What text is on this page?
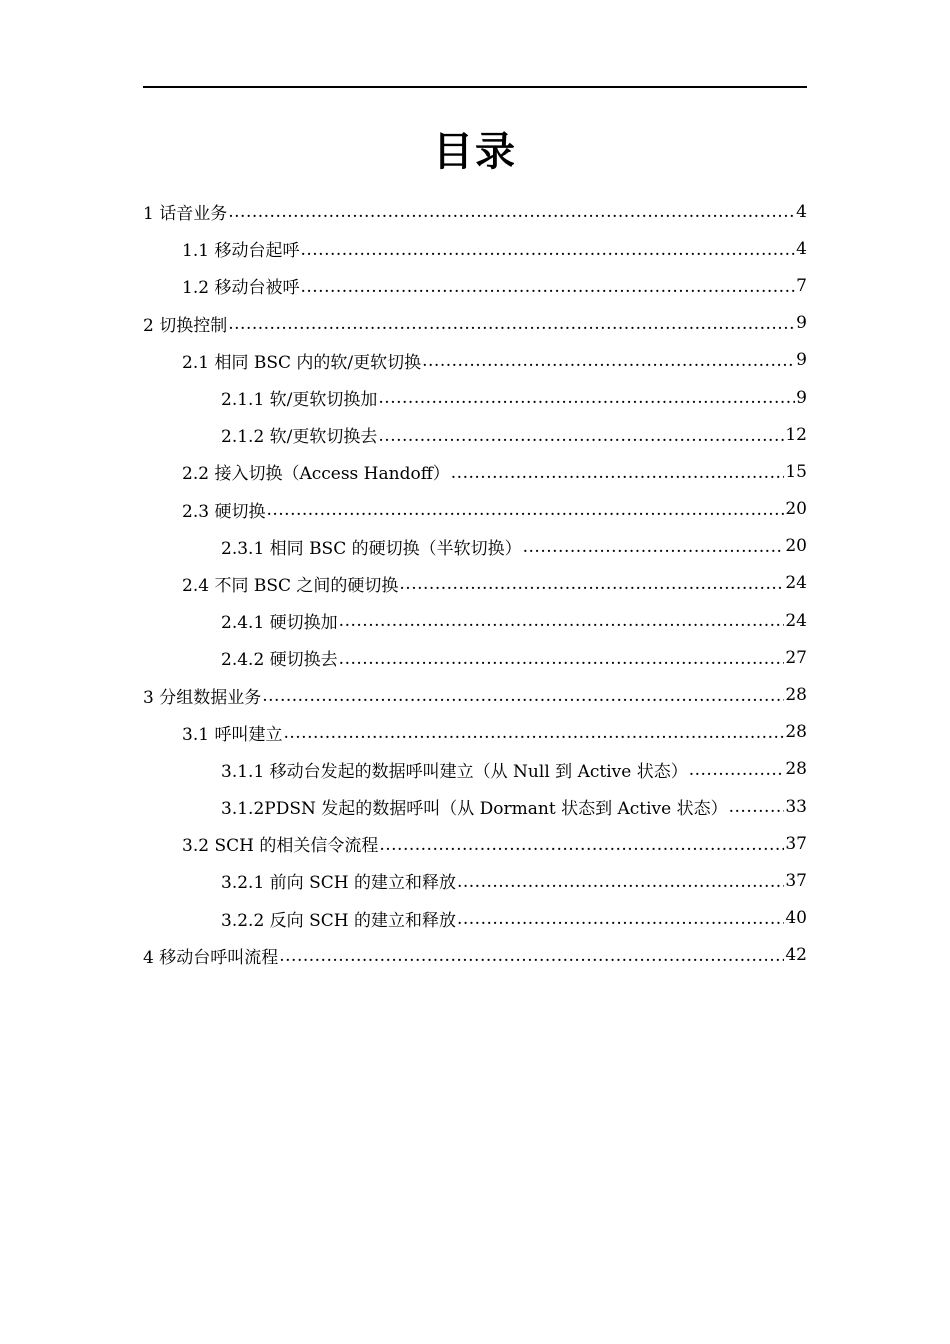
目录
1 话音业务 .....	4
1.1 移动台起呼 .....	4
1.2 移动台被呼 .....	7
2 切换控制 .....	9
2.1 相同 BSC 内的软/更软切换 .....	9
2.1.1 软/更软切换加 .....	9
2.1.2 软/更软切换去 .....	12
2.2 接入切换（Access Handoff） .....	15
2.3 硬切换 .....	20
2.3.1 相同 BSC 的硬切换（半软切换） .....	20
2.4 不同 BSC 之间的硬切换 .....	24
2.4.1 硬切换加 .....	24
2.4.2 硬切换去 .....	27
3 分组数据业务 .....	28
3.1 呼叫建立 .....	28
3.1.1 移动台发起的数据呼叫建立（从 Null 到 Active 状态） .....	28
3.1.2PDSN 发起的数据呼叫（从 Dormant 状态到 Active 状态） .....	33
3.2 SCH 的相关信令流程 .....	37
3.2.1 前向 SCH 的建立和释放 .....	37
3.2.2 反向 SCH 的建立和释放 .....	40
4 移动台呼叫流程 .....	42
